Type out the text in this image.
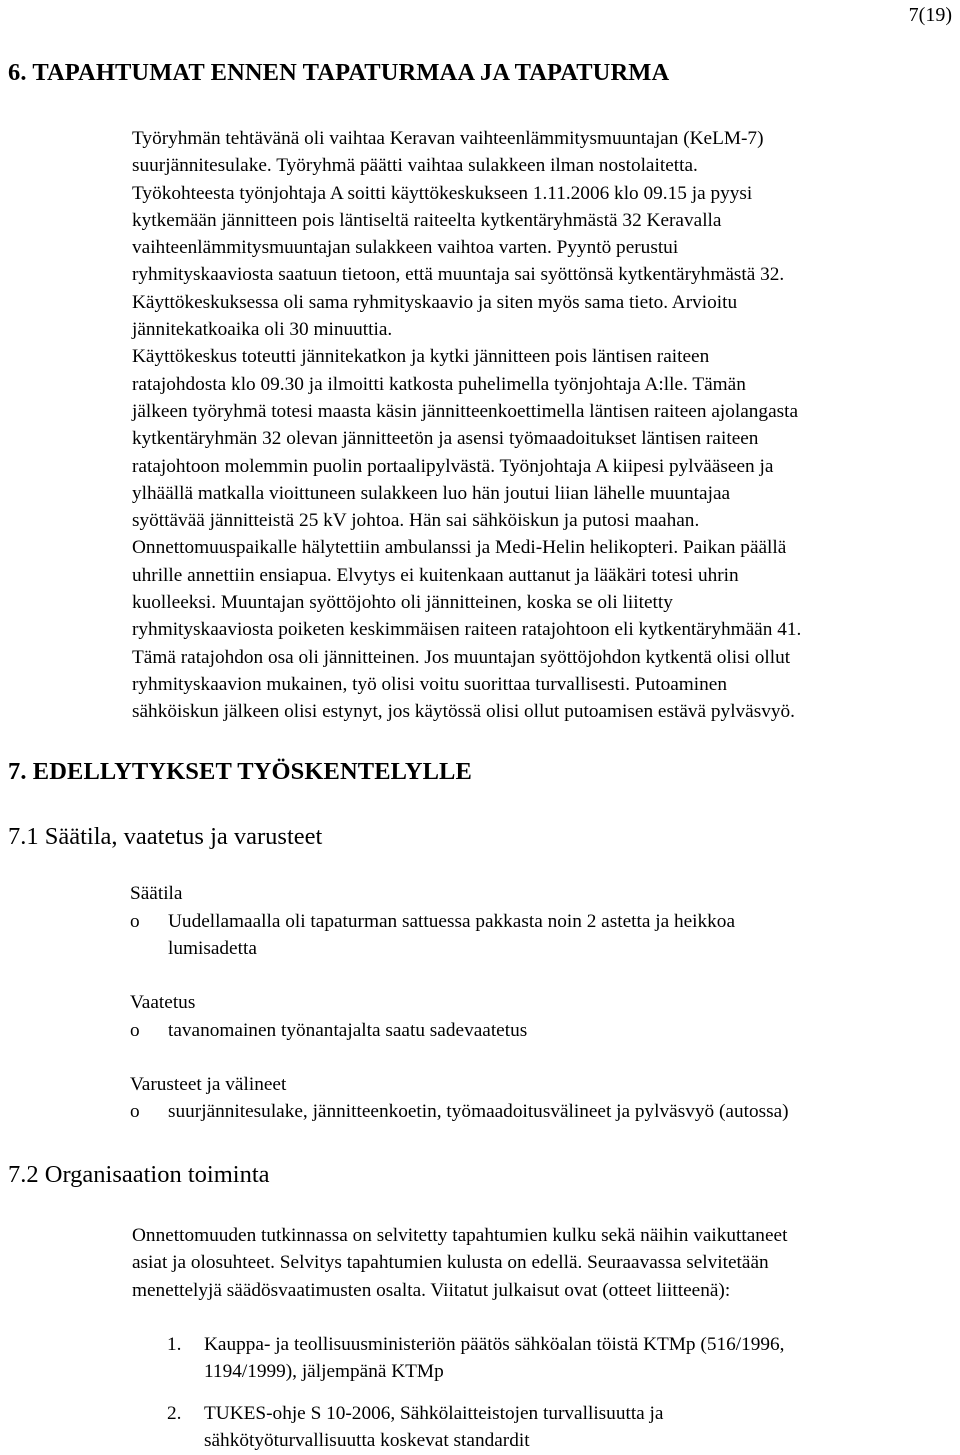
7(19)
6. TAPAHTUMAT ENNEN TAPATURMAA JA TAPATURMA
Työryhmän tehtävänä oli vaihtaa Keravan vaihteenlämmitysmuuntajan (KeLM-7)
suurjännitesulake. Työryhmä päätti vaihtaa sulakkeen ilman nostolaitetta.
Työkohteesta työnjohtaja A soitti käyttökeskukseen 1.11.2006 klo 09.15 ja pyysi
kytkemään jännitteen pois läntiseltä raiteelta kytkentäryhmästä 32 Keravalla
vaihteenlämmitysmuuntajan sulakkeen vaihtoa varten. Pyyntö perustui
ryhmityskaaviosta saatuun tietoon, että muuntaja sai syöttönsä kytkentäryhmästä 32.
Käyttökeskuksessa oli sama ryhmityskaavio ja siten myös sama tieto. Arvioitu
jännitekatkoaika oli 30 minuuttia.
Käyttökeskus toteutti jännitekatkon ja kytki jännitteen pois läntisen raiteen
ratajohdosta klo 09.30 ja ilmoitti katkosta puhelimella työnjohtaja A:lle. Tämän
jälkeen työryhmä totesi maasta käsin jännitteenkoettimella läntisen raiteen ajolangasta
kytkentäryhmän 32 olevan jännitteetön ja asensi työmaadoitukset läntisen raiteen
ratajohtoon molemmin puolin portaalipylvästä. Työnjohtaja A kiipesi pylvääseen ja
ylhäällä matkalla vioittuneen sulakkeen luo hän joutui liian lähelle muuntajaa
syöttävää jännitteistä 25 kV johtoa. Hän sai sähköiskun ja putosi maahan.
Onnettomuuspaikalle hälytettiin ambulanssi ja Medi-Helin helikopteri. Paikan päällä
uhrille annettiin ensiapua. Elvytys ei kuitenkaan auttanut ja lääkäri totesi uhrin
kuolleeksi. Muuntajan syöttöjohto oli jännitteinen, koska se oli liitetty
ryhmityskaaviosta poiketen keskimmäisen raiteen ratajohtoon eli kytkentäryhmään 41.
Tämä ratajohdon osa oli jännitteinen. Jos muuntajan syöttöjohdon kytkentä olisi ollut
ryhmityskaavion mukainen, työ olisi voitu suorittaa turvallisesti. Putoaminen
sähköiskun jälkeen olisi estynyt, jos käytössä olisi ollut putoamisen estävä pylväsvyö.
7. EDELLYTYKSET TYÖSKENTELYLLE
7.1 Säätila, vaatetus ja varusteet
Säätila
o Uudellamaalla oli tapaturman sattuessa pakkasta noin 2 astetta ja heikkoa
lumisadetta
Vaatetus
o tavanomainen työnantajalta saatu sadevaatetus
Varusteet ja välineet
o suurjännitesulake, jännitteenkoetin, työmaadoitusvälineet ja pylväsvyö (autossa)
7.2 Organisaation toiminta
Onnettomuuden tutkinnassa on selvitetty tapahtumien kulku sekä näihin vaikuttaneet
asiat ja olosuhteet. Selvitys tapahtumien kulusta on edellä. Seuraavassa selvitetään
menettelyjä säädösvaatimusten osalta. Viitatut julkaisut ovat (otteet liitteenä):
1. Kauppa- ja teollisuusministeriön päätös sähköalan töistä KTMp (516/1996,
1194/1999), jäljempänä KTMp
2. TUKES-ohje S 10-2006, Sähkölaitteistojen turvallisuutta ja
sähkötyöturvallisuutta koskevat standardit
